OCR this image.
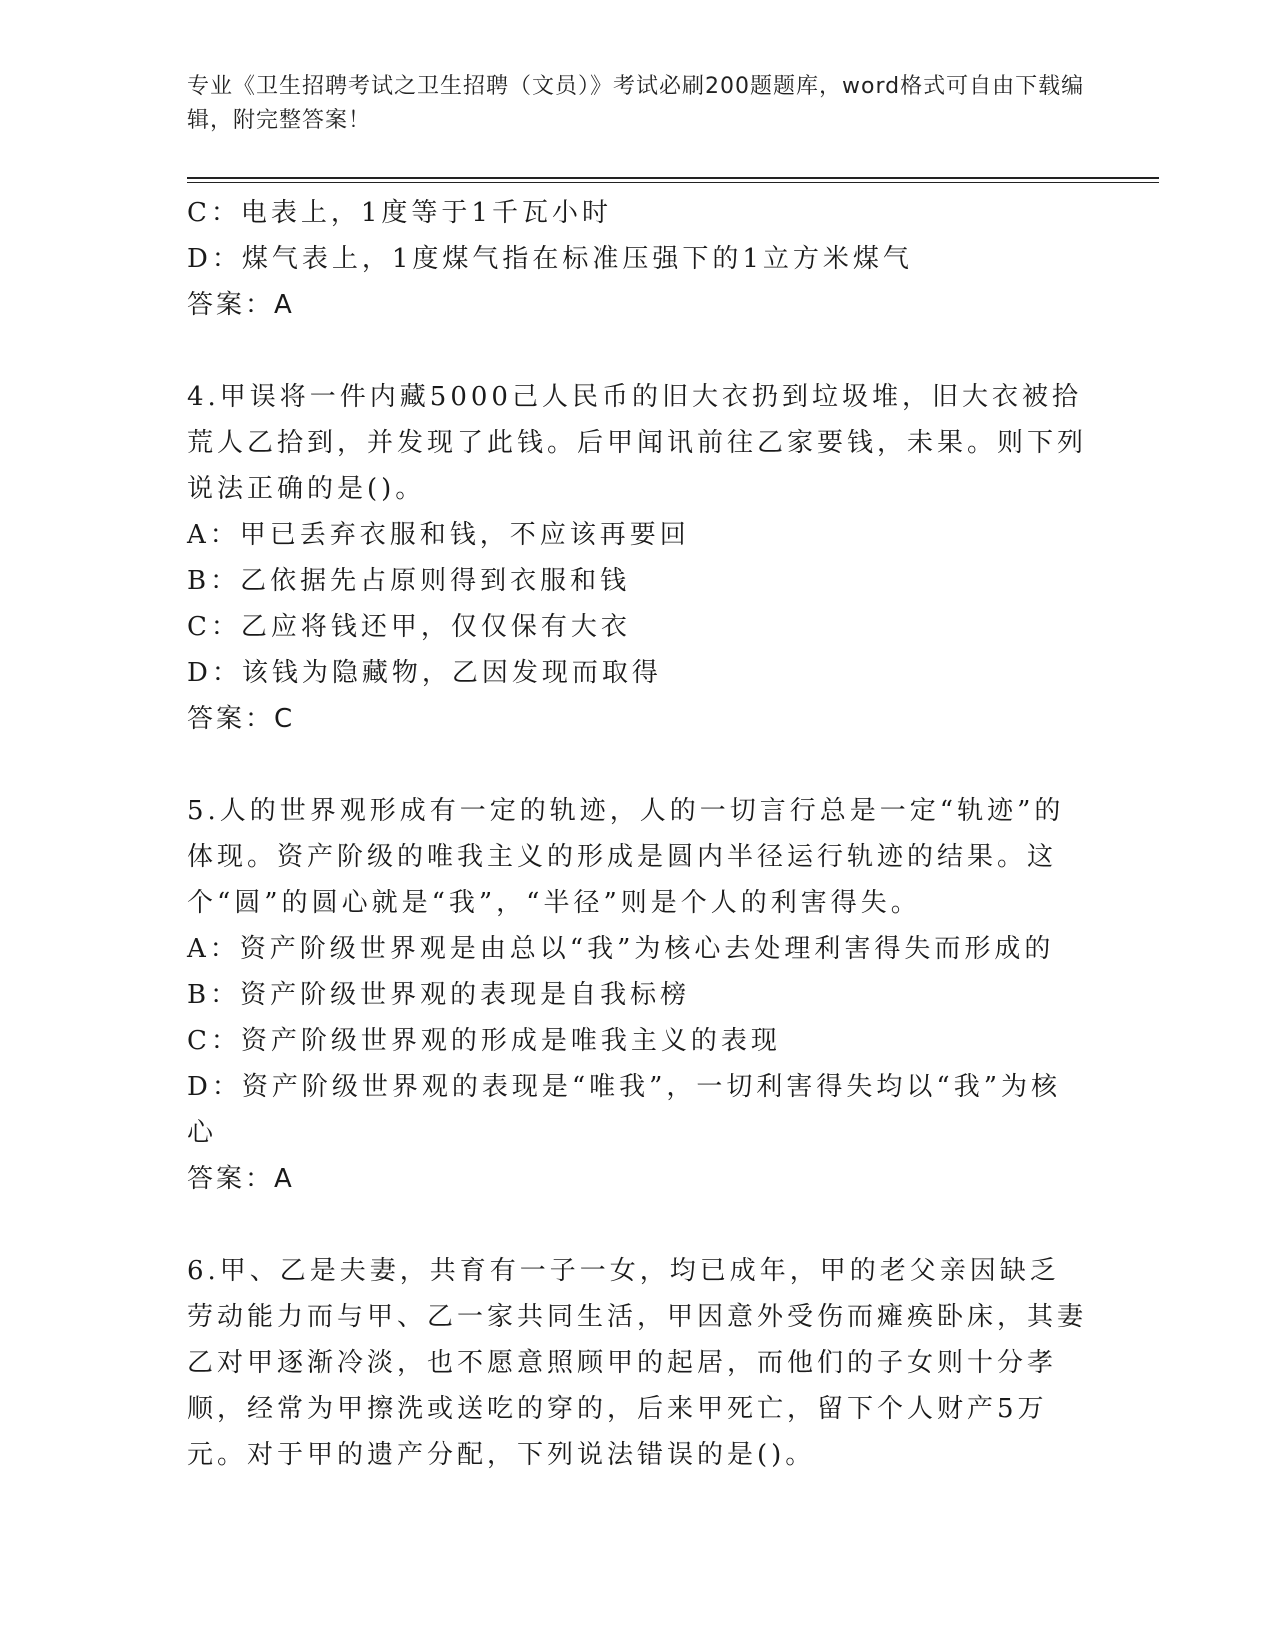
专业《卫生招聘考试之卫生招聘（文员）》考试必刷200题题库，word格式可自由下载编辑，附完整答案！
C：电表上，1度等于1千瓦小时
D：煤气表上，1度煤气指在标准压强下的1立方米煤气
答案：A
4.甲误将一件内藏5000己人民币的旧大衣扔到垃圾堆，旧大衣被拾荒人乙拾到，并发现了此钱。后甲闻讯前往乙家要钱，未果。则下列说法正确的是()。
A：甲已丢弃衣服和钱，不应该再要回
B：乙依据先占原则得到衣服和钱
C：乙应将钱还甲，仅仅保有大衣
D：该钱为隐藏物，乙因发现而取得
答案：C
5.人的世界观形成有一定的轨迹，人的一切言行总是一定“轨迹”的体现。资产阶级的唯我主义的形成是圆内半径运行轨迹的结果。这个“圆”的圆心就是“我”，“半径”则是个人的利害得失。
A：资产阶级世界观是由总以“我”为核心去处理利害得失而形成的
B：资产阶级世界观的表现是自我标榜
C：资产阶级世界观的形成是唯我主义的表现
D：资产阶级世界观的表现是“唯我”，一切利害得失均以“我”为核心
答案：A
6.甲、乙是夫妻，共育有一子一女，均已成年，甲的老父亲因缺乏劳动能力而与甲、乙一家共同生活，甲因意外受伤而瘫痪卧床，其妻乙对甲逐渐冷淡，也不愿意照顾甲的起居，而他们的子女则十分孝顺，经常为甲擦洗或送吃的穿的，后来甲死亡，留下个人财产5万元。对于甲的遗产分配，下列说法错误的是()。
